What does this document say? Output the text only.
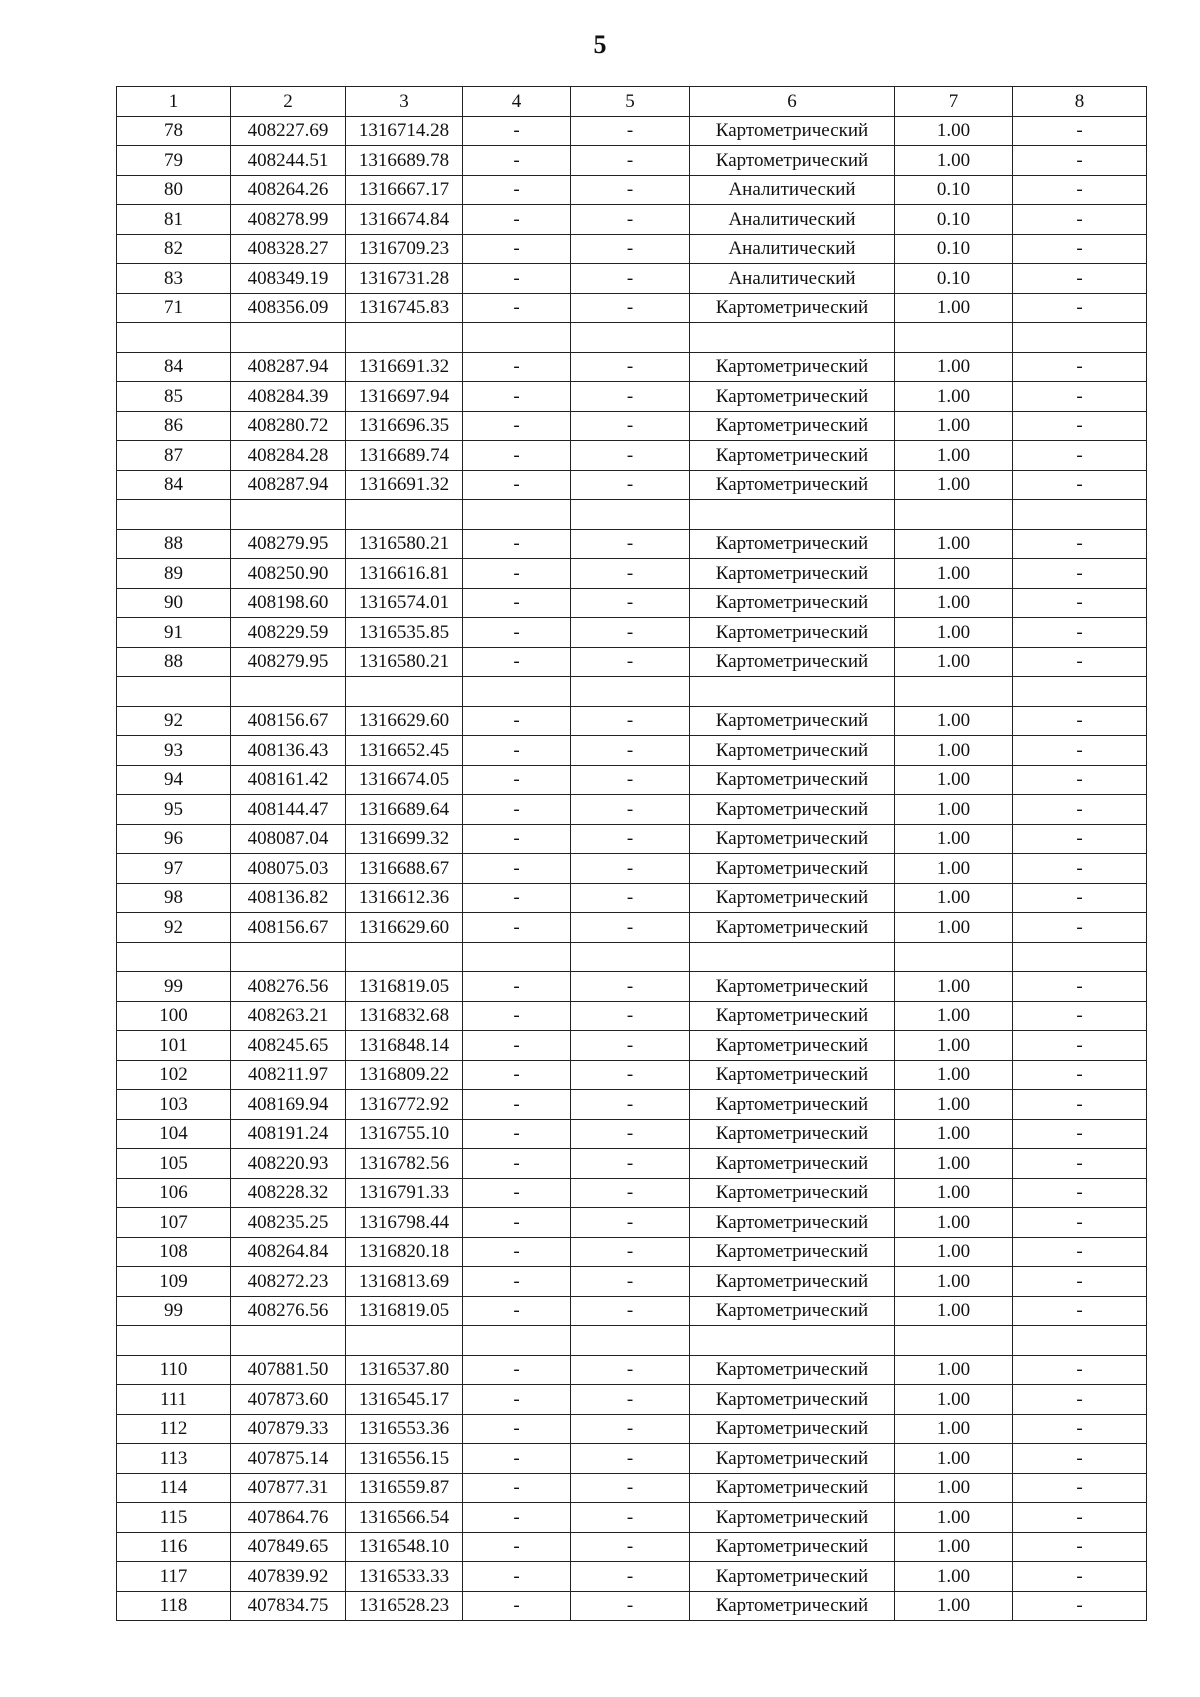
5
1	2	3	4	5	6	7	8
78	408227.69	1316714.28	-	-	Картометрический	1.00	-
79	408244.51	1316689.78	-	-	Картометрический	1.00	-
80	408264.26	1316667.17	-	-	Аналитический	0.10	-
81	408278.99	1316674.84	-	-	Аналитический	0.10	-
82	408328.27	1316709.23	-	-	Аналитический	0.10	-
83	408349.19	1316731.28	-	-	Аналитический	0.10	-
71	408356.09	1316745.83	-	-	Картометрический	1.00	-

84	408287.94	1316691.32	-	-	Картометрический	1.00	-
85	408284.39	1316697.94	-	-	Картометрический	1.00	-
86	408280.72	1316696.35	-	-	Картометрический	1.00	-
87	408284.28	1316689.74	-	-	Картометрический	1.00	-
84	408287.94	1316691.32	-	-	Картометрический	1.00	-

88	408279.95	1316580.21	-	-	Картометрический	1.00	-
89	408250.90	1316616.81	-	-	Картометрический	1.00	-
90	408198.60	1316574.01	-	-	Картометрический	1.00	-
91	408229.59	1316535.85	-	-	Картометрический	1.00	-
88	408279.95	1316580.21	-	-	Картометрический	1.00	-

92	408156.67	1316629.60	-	-	Картометрический	1.00	-
93	408136.43	1316652.45	-	-	Картометрический	1.00	-
94	408161.42	1316674.05	-	-	Картометрический	1.00	-
95	408144.47	1316689.64	-	-	Картометрический	1.00	-
96	408087.04	1316699.32	-	-	Картометрический	1.00	-
97	408075.03	1316688.67	-	-	Картометрический	1.00	-
98	408136.82	1316612.36	-	-	Картометрический	1.00	-
92	408156.67	1316629.60	-	-	Картометрический	1.00	-

99	408276.56	1316819.05	-	-	Картометрический	1.00	-
100	408263.21	1316832.68	-	-	Картометрический	1.00	-
101	408245.65	1316848.14	-	-	Картометрический	1.00	-
102	408211.97	1316809.22	-	-	Картометрический	1.00	-
103	408169.94	1316772.92	-	-	Картометрический	1.00	-
104	408191.24	1316755.10	-	-	Картометрический	1.00	-
105	408220.93	1316782.56	-	-	Картометрический	1.00	-
106	408228.32	1316791.33	-	-	Картометрический	1.00	-
107	408235.25	1316798.44	-	-	Картометрический	1.00	-
108	408264.84	1316820.18	-	-	Картометрический	1.00	-
109	408272.23	1316813.69	-	-	Картометрический	1.00	-
99	408276.56	1316819.05	-	-	Картометрический	1.00	-

110	407881.50	1316537.80	-	-	Картометрический	1.00	-
111	407873.60	1316545.17	-	-	Картометрический	1.00	-
112	407879.33	1316553.36	-	-	Картометрический	1.00	-
113	407875.14	1316556.15	-	-	Картометрический	1.00	-
114	407877.31	1316559.87	-	-	Картометрический	1.00	-
115	407864.76	1316566.54	-	-	Картометрический	1.00	-
116	407849.65	1316548.10	-	-	Картометрический	1.00	-
117	407839.92	1316533.33	-	-	Картометрический	1.00	-
118	407834.75	1316528.23	-	-	Картометрический	1.00	-
